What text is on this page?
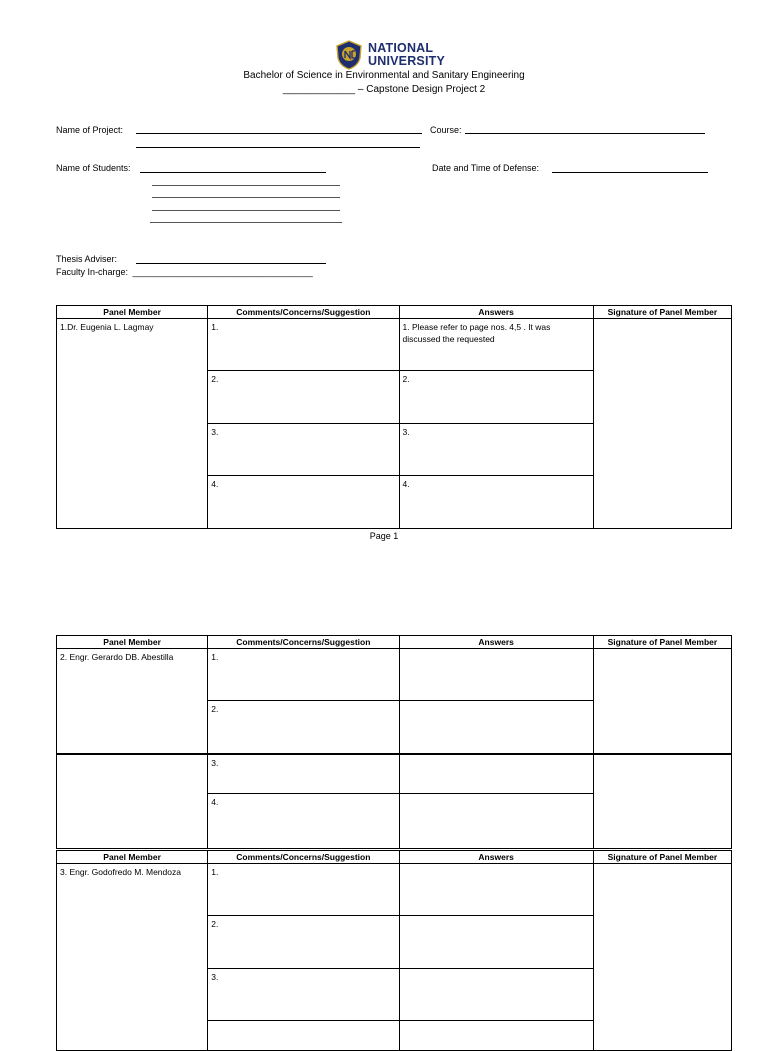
NATIONAL
UNIVERSITY
Bachelor of Science in Environmental and Sanitary Engineering
_____________ – Capstone Design Project 2
Name of Project:	Course:
Name of Students:	Date and Time of Defense:
Thesis Adviser:
Faculty In-charge: ____________________________________
Panel Member	Comments/Concerns/Suggestion	Answers	Signature of Panel Member

1.Dr. Eugenia L. Lagmay	1.	1. Please refer to page nos. 4,5 . It was
discussed the requested	

	2.	2.	

	3.	3.	

	4.	4.	
Page 1
Panel Member	Comments/Concerns/Suggestion	Answers	Signature of Panel Member

2. Engr. Gerardo DB. Abestilla	1.		

	2.		

	3.		

	4.		

Panel Member	Comments/Concerns/Suggestion	Answers	Signature of Panel Member

3. Engr. Godofredo M. Mendoza	1.		

	2.		

	3.		
